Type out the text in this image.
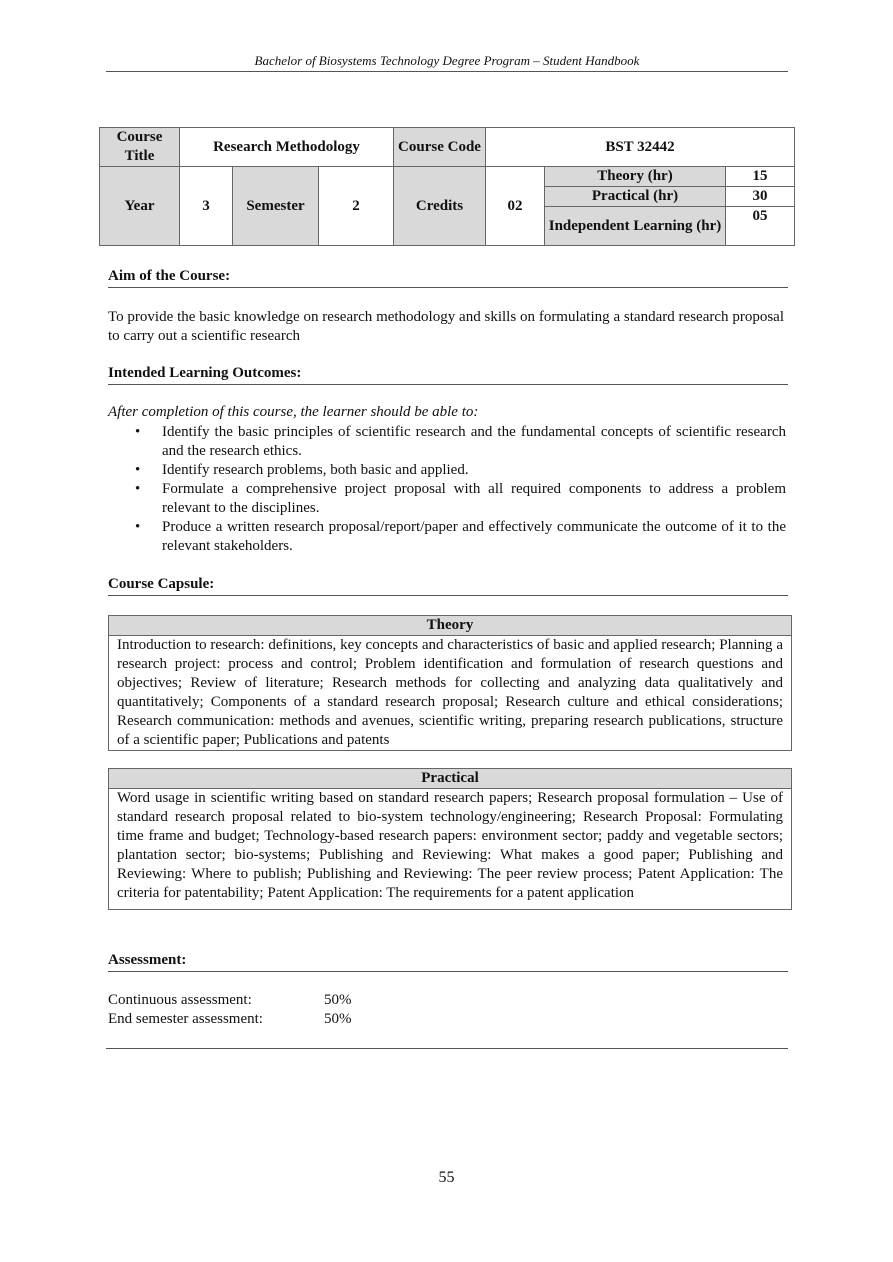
Bachelor of Biosystems Technology Degree Program – Student Handbook
Course Title	Research Methodology			Course Code	BST 32442		
Year	3	Semester	2	Credits	02	Theory (hr)	15
						Practical (hr)	30
						Independent Learning (hr)	05
Aim of the Course:
To provide the basic knowledge on research methodology and skills on formulating a standard research proposal to carry out a scientific research
Intended Learning Outcomes:
After completion of this course, the learner should be able to:
• Identify the basic principles of scientific research and the fundamental concepts of scientific research and the research ethics.
• Identify research problems, both basic and applied.
• Formulate a comprehensive project proposal with all required components to address a problem relevant to the disciplines.
• Produce a written research proposal/report/paper and effectively communicate the outcome of it to the relevant stakeholders.
Course Capsule:
Theory
Introduction to research: definitions, key concepts and characteristics of basic and applied research; Planning a research project: process and control; Problem identification and formulation of research questions and objectives; Review of literature; Research methods for collecting and analyzing data qualitatively and quantitatively; Components of a standard research proposal; Research culture and ethical considerations; Research communication: methods and avenues, scientific writing, preparing research publications, structure of a scientific paper; Publications and patents
Practical
Word usage in scientific writing based on standard research papers; Research proposal formulation – Use of standard research proposal related to bio-system technology/engineering; Research Proposal: Formulating time frame and budget; Technology-based research papers: environment sector; paddy and vegetable sectors; plantation sector; bio-systems; Publishing and Reviewing: What makes a good paper; Publishing and Reviewing: Where to publish; Publishing and Reviewing: The peer review process; Patent Application: The criteria for patentability; Patent Application: The requirements for a patent application
Assessment:
Continuous assessment:	50%
End semester assessment:	50%
55
